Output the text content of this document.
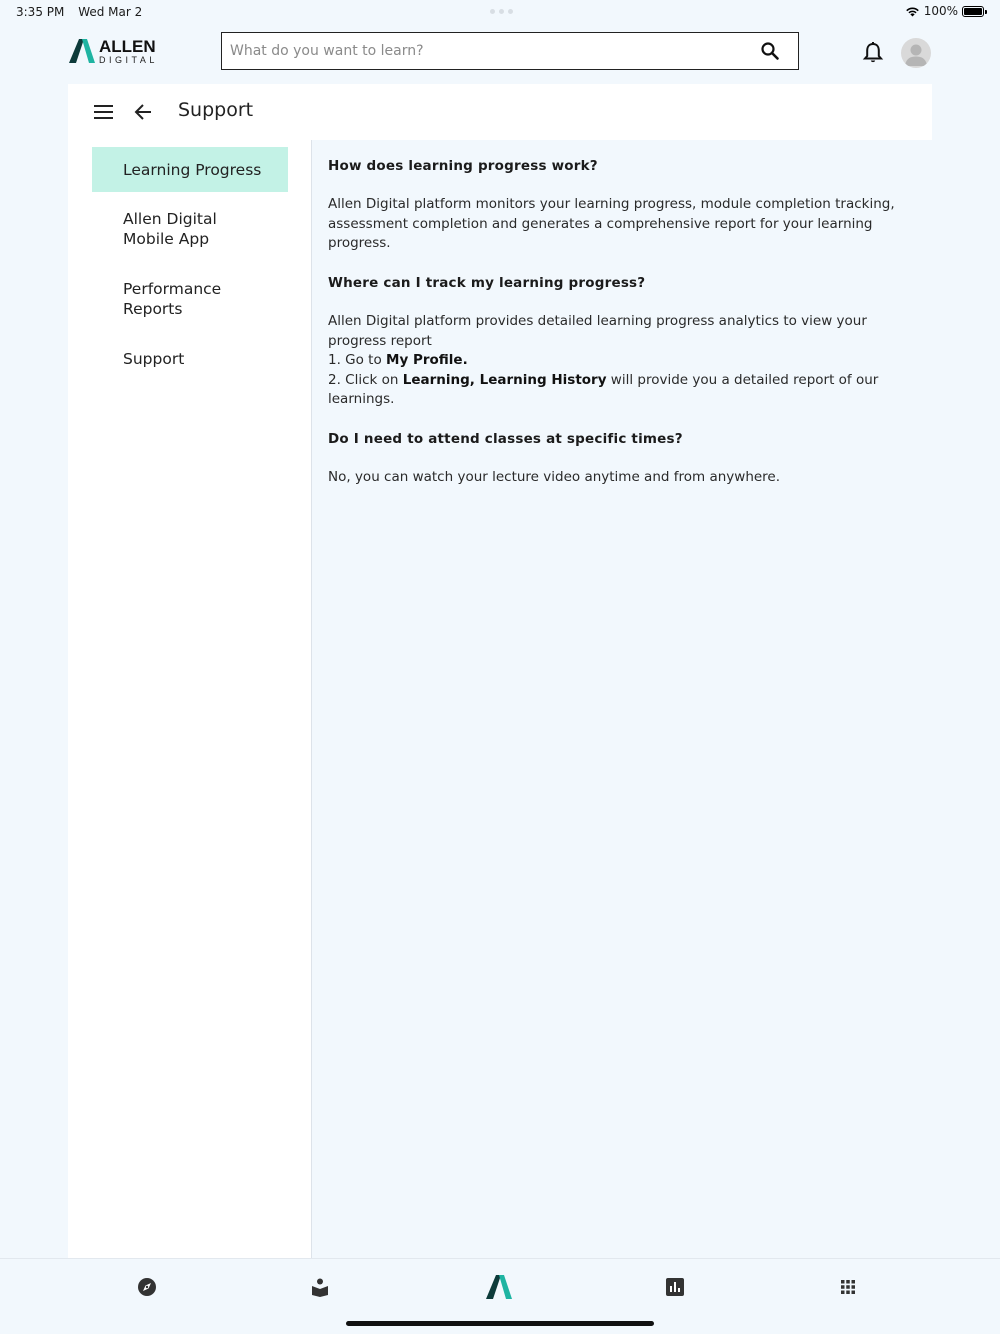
3:35 PM Wed Mar 2	100%
ALLEN
DIGITAL
What do you want to learn?
Support
Learning Progress
Allen Digital Mobile App
Performance Reports
Support
How does learning progress work?

Allen Digital platform monitors your learning progress, module completion tracking, assessment completion and generates a comprehensive report for your learning progress.

Where can I track my learning progress?

Allen Digital platform provides detailed learning progress analytics to view your progress report
1. Go to My Profile.
2. Click on Learning, Learning History will provide you a detailed report of our learnings.

Do I need to attend classes at specific times?

No, you can watch your lecture video anytime and from anywhere.
